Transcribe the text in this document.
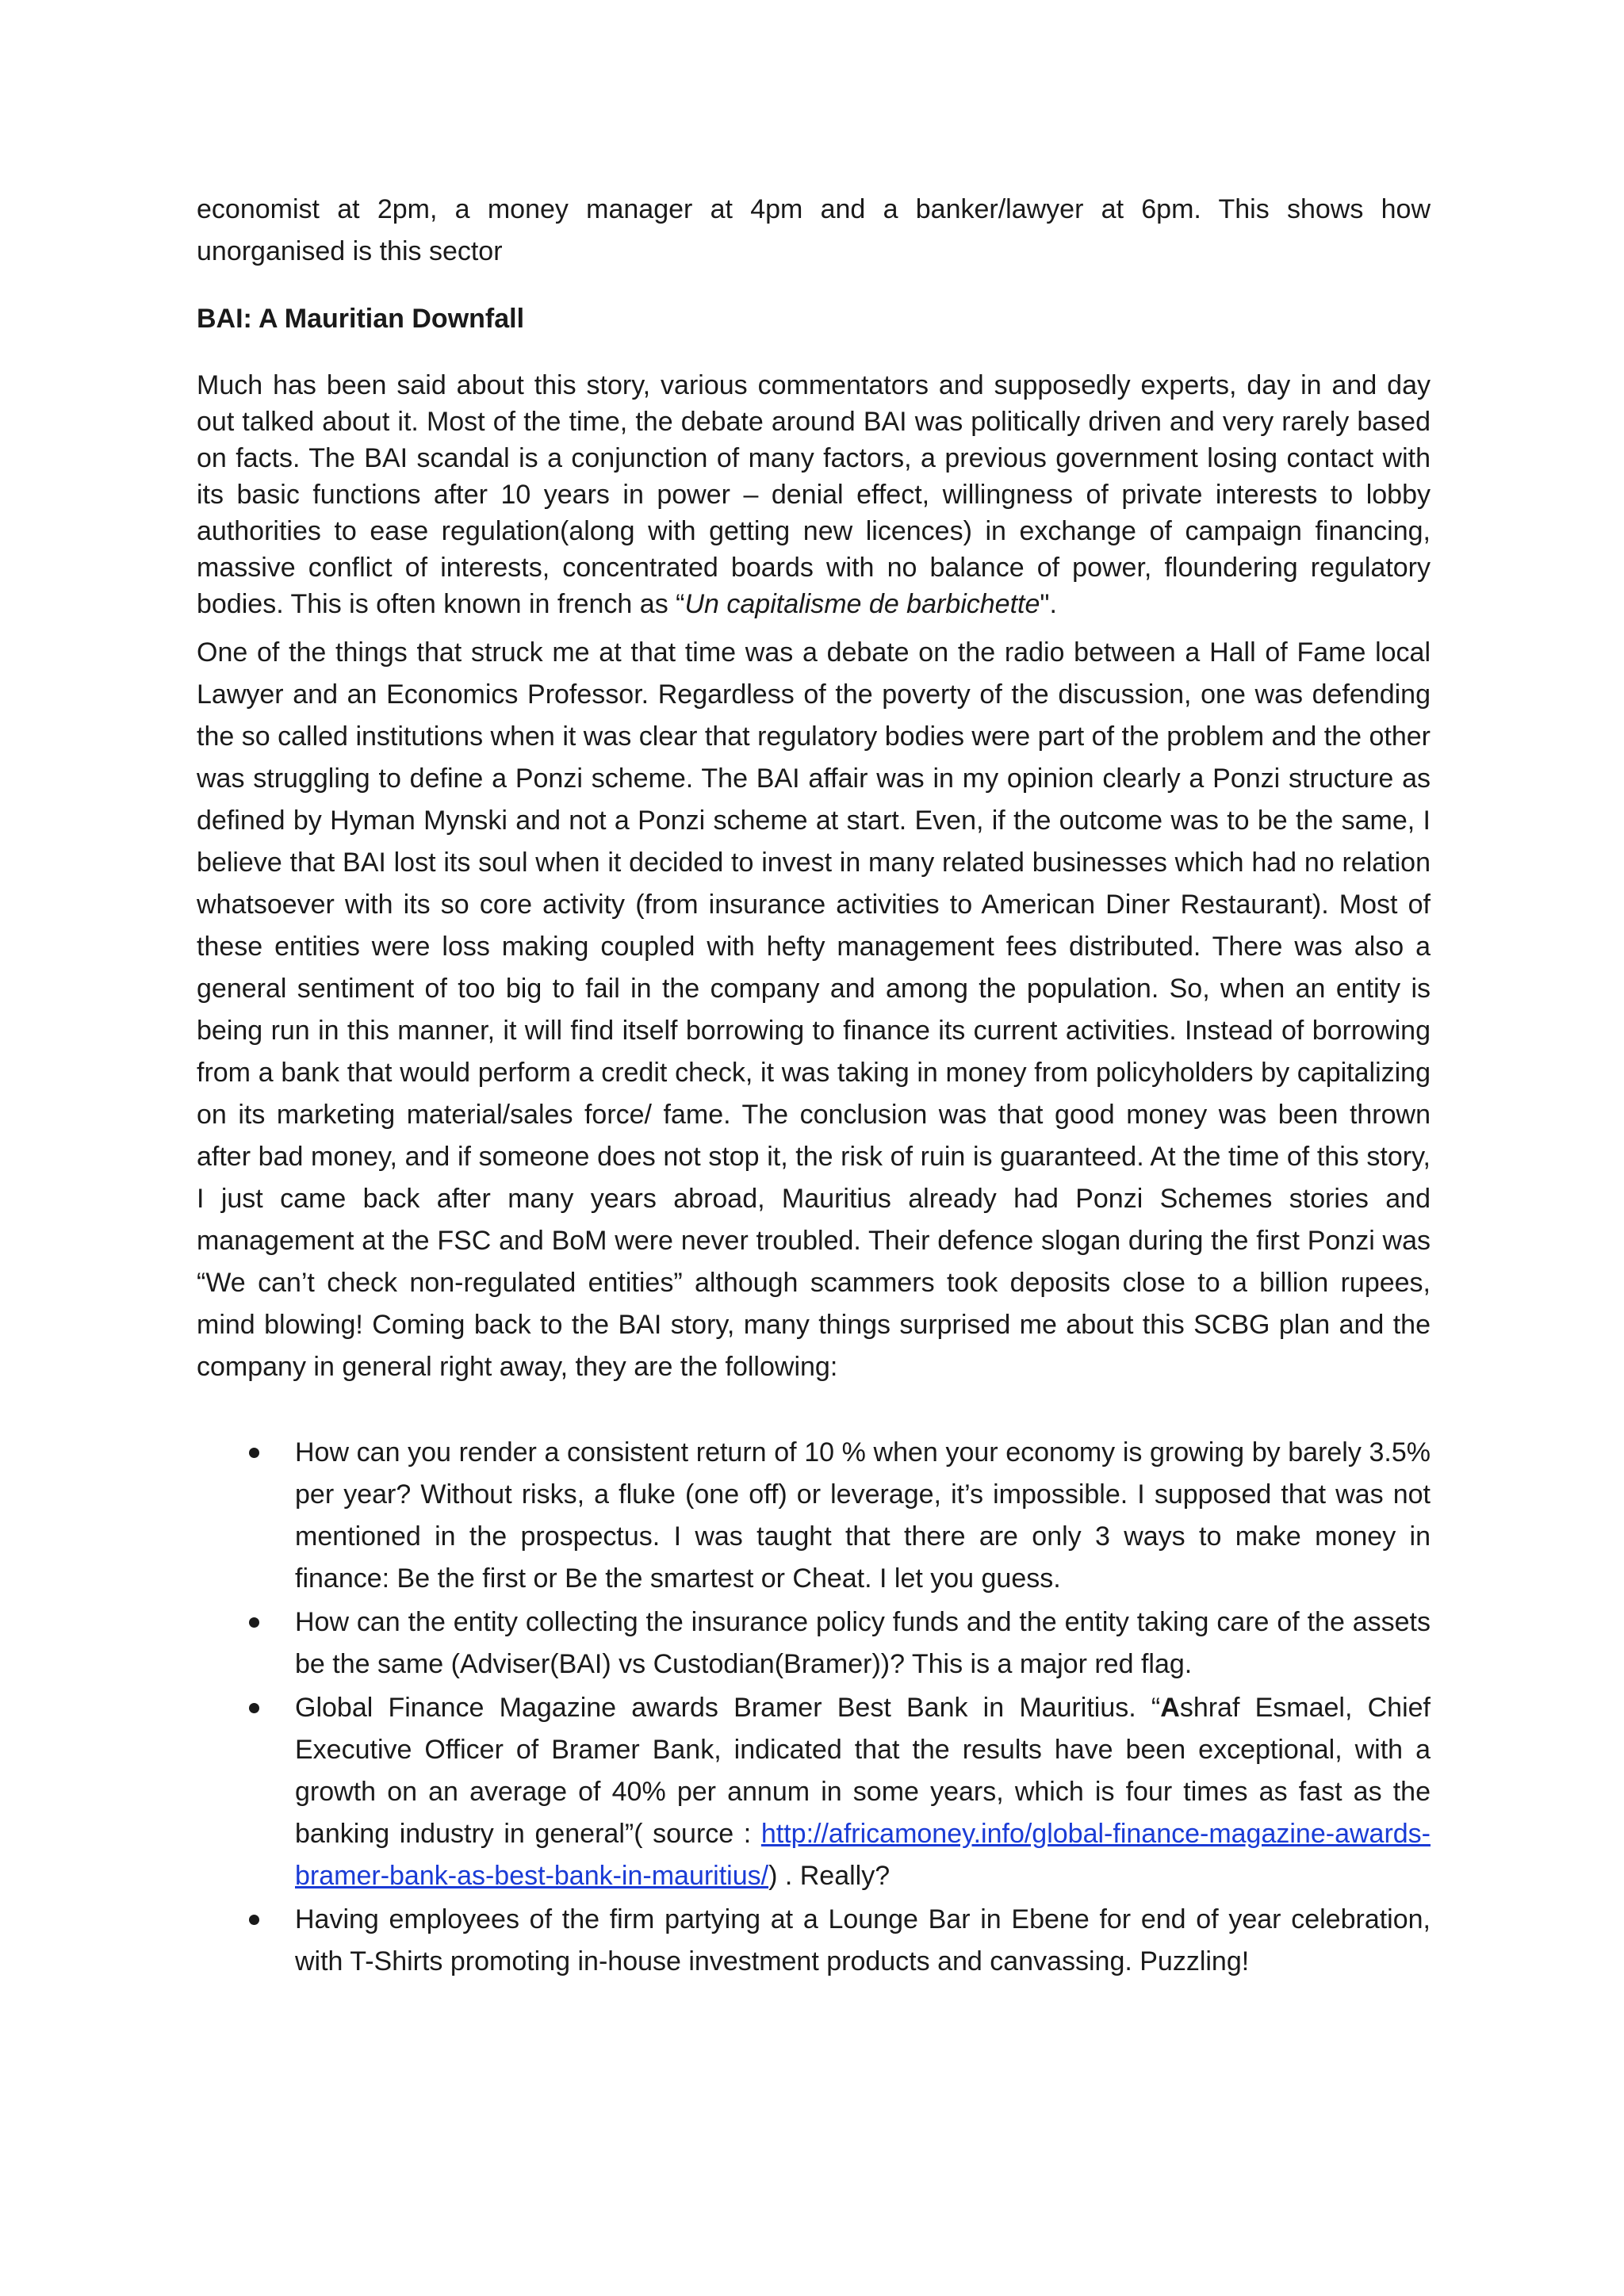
economist at 2pm, a money manager at 4pm and a banker/lawyer at 6pm. This shows how unorganised is this sector

BAI: A Mauritian Downfall

Much has been said about this story, various commentators and supposedly experts, day in and day out talked about it. Most of the time, the debate around BAI was politically driven and very rarely based on facts. The BAI scandal is a conjunction of many factors, a previous government losing contact with its basic functions after 10 years in power – denial effect, willingness of private interests to lobby authorities to ease regulation(along with getting new licences) in exchange of campaign financing, massive conflict of interests, concentrated boards with no balance of power, floundering regulatory bodies. This is often known in french as “Un capitalisme de barbichette".

One of the things that struck me at that time was a debate on the radio between a Hall of Fame local Lawyer and an Economics Professor. Regardless of the poverty of the discussion, one was defending the so called institutions when it was clear that regulatory bodies were part of the problem and the other was struggling to define a Ponzi scheme. The BAI affair was in my opinion clearly a Ponzi structure as defined by Hyman Mynski and not a Ponzi scheme at start. Even, if the outcome was to be the same, I believe that BAI lost its soul when it decided to invest in many related businesses which had no relation whatsoever with its so core activity (from insurance activities to American Diner Restaurant). Most of these entities were loss making coupled with hefty management fees distributed. There was also a general sentiment of too big to fail in the company and among the population. So, when an entity is being run in this manner, it will find itself borrowing to finance its current activities. Instead of borrowing from a bank that would perform a credit check, it was taking in money from policyholders by capitalizing on its marketing material/sales force/ fame. The conclusion was that good money was been thrown after bad money, and if someone does not stop it, the risk of ruin is guaranteed. At the time of this story, I just came back after many years abroad, Mauritius already had Ponzi Schemes stories and management at the FSC and BoM were never troubled. Their defence slogan during the first Ponzi was “We can’t check non-regulated entities” although scammers took deposits close to a billion rupees, mind blowing! Coming back to the BAI story, many things surprised me about this SCBG plan and the company in general right away, they are the following:

How can you render a consistent return of 10 % when your economy is growing by barely 3.5% per year? Without risks, a fluke (one off) or leverage, it’s impossible. I supposed that was not mentioned in the prospectus. I was taught that there are only 3 ways to make money in finance: Be the first or Be the smartest or Cheat. I let you guess.
How can the entity collecting the insurance policy funds and the entity taking care of the assets be the same (Adviser(BAI) vs Custodian(Bramer))? This is a major red flag.
Global Finance Magazine awards Bramer Best Bank in Mauritius. “Ashraf Esmael, Chief Executive Officer of Bramer Bank, indicated that the results have been exceptional, with a growth on an average of 40% per annum in some years, which is four times as fast as the banking industry in general”( source : http://africamoney.info/global-finance-magazine-awards-bramer-bank-as-best-bank-in-mauritius/) . Really?
Having employees of the firm partying at a Lounge Bar in Ebene for end of year celebration, with T-Shirts promoting in-house investment products and canvassing. Puzzling!
